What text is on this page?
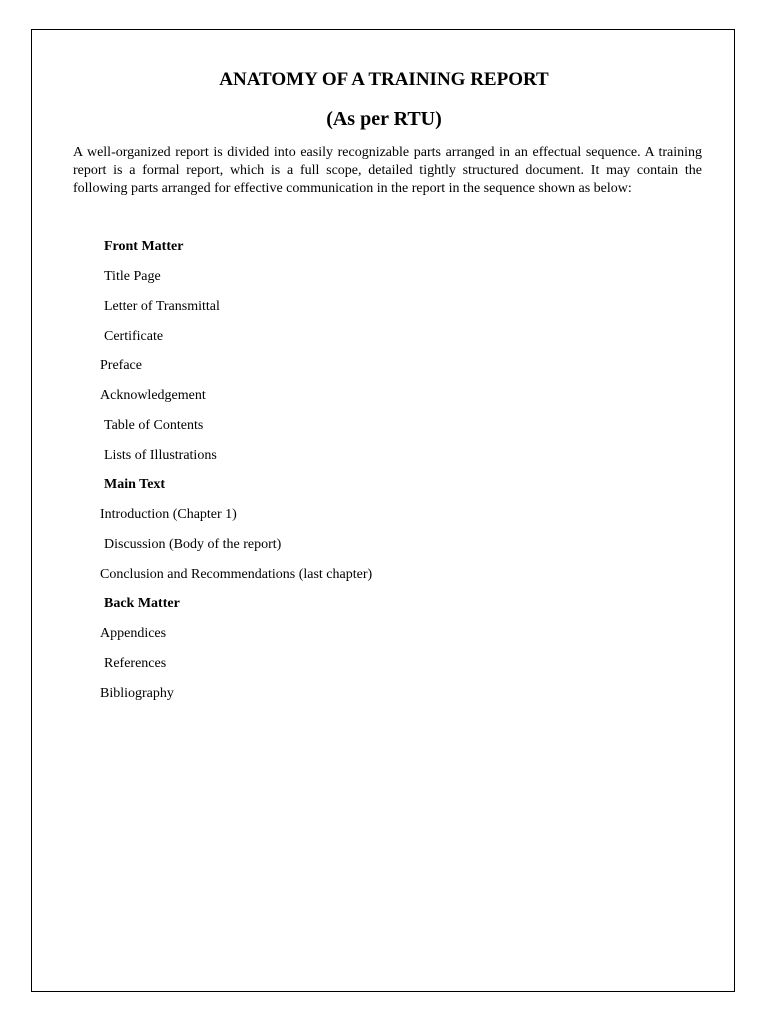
ANATOMY OF A TRAINING REPORT
(As per RTU)

A well-organized report is divided into easily recognizable parts arranged in an effectual sequence. A training report is a formal report, which is a full scope, detailed tightly structured document. It may contain the following parts arranged for effective communication in the report in the sequence shown as below:

Front Matter
Title Page
Letter of Transmittal
Certificate
Preface
Acknowledgement
Table of Contents
Lists of Illustrations
Main Text
Introduction (Chapter 1)
Discussion (Body of the report)
Conclusion and Recommendations (last chapter)
Back Matter
Appendices
References
Bibliography
